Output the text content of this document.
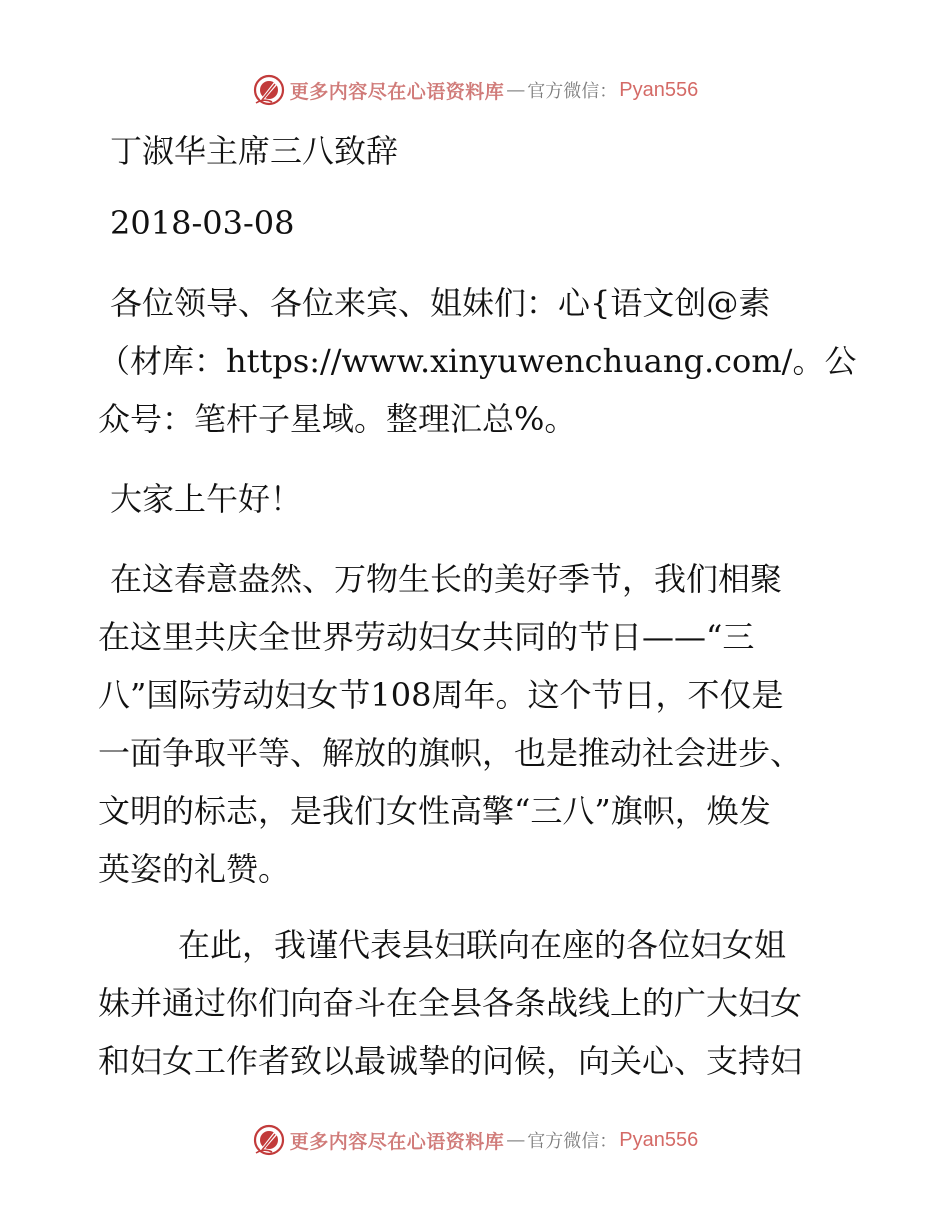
更多内容尽在心语资料库 — 官方微信： Pyan556
丁淑华主席三八致辞
2018-03-08
各位领导、各位来宾、姐妹们：心{语文创@素
（材库：https://www.xinyuwenchuang.com/。公
众号：笔杆子星域。整理汇总%。
大家上午好！
在这春意盎然、万物生长的美好季节，我们相聚
在这里共庆全世界劳动妇女共同的节日——“三
八”国际劳动妇女节108周年。这个节日，不仅是
一面争取平等、解放的旗帜，也是推动社会进步、
文明的标志，是我们女性高擎“三八”旗帜，焕发
英姿的礼赞。
在此，我谨代表县妇联向在座的各位妇女姐
妹并通过你们向奋斗在全县各条战线上的广大妇女
和妇女工作者致以最诚挚的问候，向关心、支持妇
更多内容尽在心语资料库 — 官方微信： Pyan556
